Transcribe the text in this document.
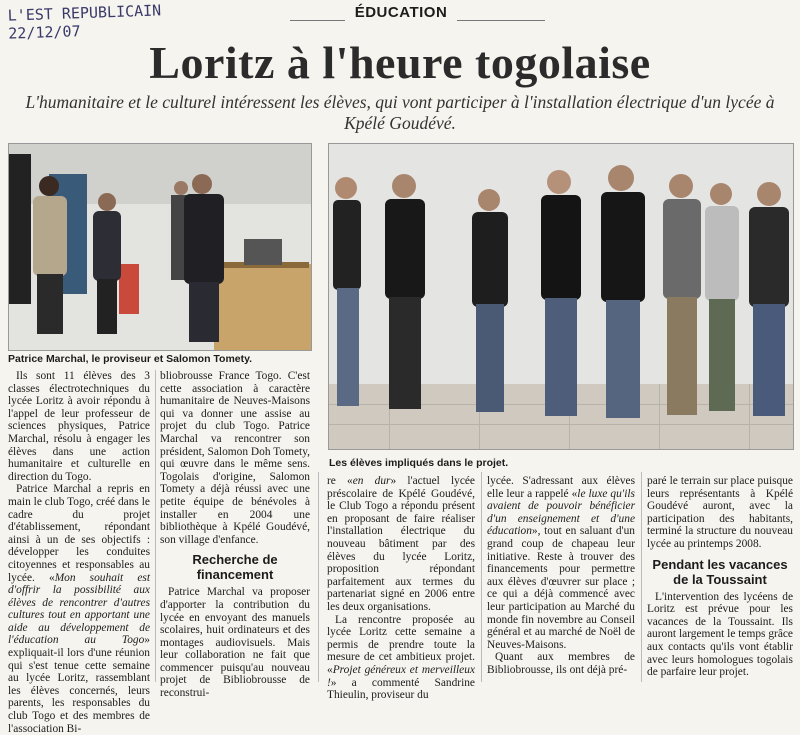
L'EST REPUBLICAIN
22/12/07
ÉDUCATION
Loritz à l'heure togolaise
L'humanitaire et le culturel intéressent les élèves, qui vont participer à l'installation électrique d'un lycée à Kpélé Goudévé.
Patrice Marchal, le proviseur et Salomon Tomety.
Les élèves impliqués dans le projet.

Ils sont 11 élèves des 3 classes électrotechniques du lycée Loritz à avoir répondu à l'appel de leur professeur de sciences physiques, Patrice Marchal, résolu à engager les élèves dans une action humanitaire et culturelle en direction du Togo.

Patrice Marchal a repris en main le club Togo, créé dans le cadre du projet d'établissement, répondant ainsi à un de ses objectifs : développer les conduites citoyennes et responsables au lycée. «Mon souhait est d'offrir la possibilité aux élèves de rencontrer d'autres cultures tout en apportant une aide au développement de l'éducation au Togo» expliquait-il lors d'une réunion qui s'est tenue cette semaine au lycée Loritz, rassemblant les élèves concernés, leurs parents, les responsables du club Togo et des membres de l'association Bi-

bliobrousse France Togo. C'est cette association à caractère humanitaire de Neuves-Maisons qui va donner une assise au projet du club Togo. Patrice Marchal va rencontrer son président, Salomon Doh Tomety, qui œuvre dans le même sens. Togolais d'origine, Salomon Tomety a déjà réussi avec une petite équipe de bénévoles à installer en 2004 une bibliothèque à Kpélé Goudévé, son village d'enfance.

Recherche de financement

Patrice Marchal va proposer d'apporter la contribution du lycée en envoyant des manuels scolaires, huit ordinateurs et des montages audiovisuels. Mais leur collaboration ne fait que commencer puisqu'au nouveau projet de Bibliobrousse de reconstrui-

re «en dur» l'actuel lycée préscolaire de Kpélé Goudévé, le Club Togo a répondu présent en proposant de faire réaliser l'installation électrique du nouveau bâtiment par des élèves du lycée Loritz, proposition répondant parfaitement aux termes du partenariat signé en 2006 entre les deux organisations.

La rencontre proposée au lycée Loritz cette semaine a permis de prendre toute la mesure de cet ambitieux projet. «Projet généreux et merveilleux !» a commenté Sandrine Thieulin, proviseur du

lycée. S'adressant aux élèves elle leur a rappelé «le luxe qu'ils avaient de pouvoir bénéficier d'un enseignement et d'une éducation», tout en saluant d'un grand coup de chapeau leur initiative. Reste à trouver des financements pour permettre aux élèves d'œuvrer sur place ; ce qui a déjà commencé avec leur participation au Marché du monde fin novembre au Conseil général et au marché de Noël de Neuves-Maisons.

Quant aux membres de Bibliobrousse, ils ont déjà pré-

paré le terrain sur place puisque leurs représentants à Kpélé Goudévé auront, avec la participation des habitants, terminé la structure du nouveau lycée au printemps 2008.

Pendant les vacances de la Toussaint

L'intervention des lycéens de Loritz est prévue pour les vacances de la Toussaint. Ils auront largement le temps grâce aux contacts qu'ils vont établir avec leurs homologues togolais de parfaire leur projet.
